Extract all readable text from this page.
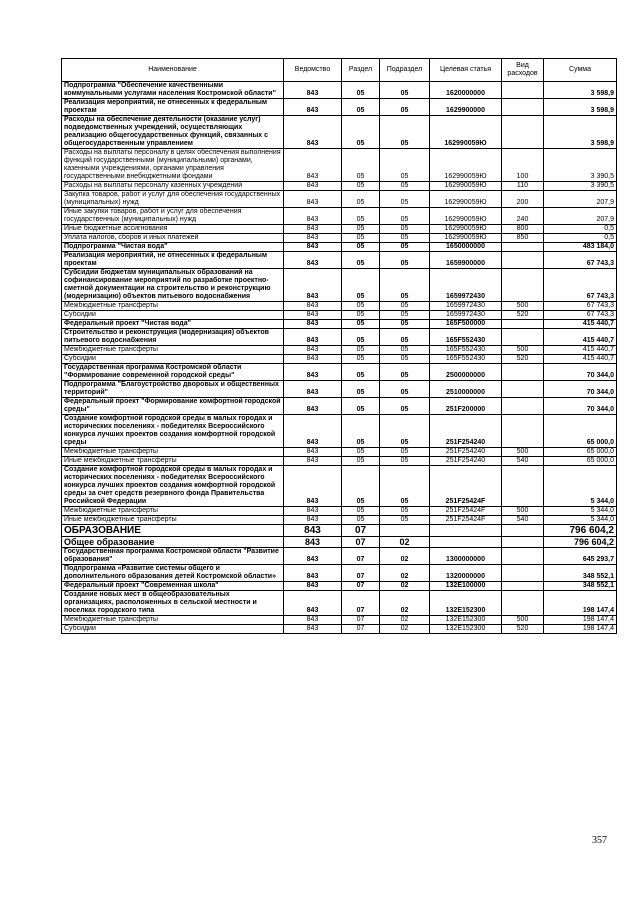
Наименование	Ведомство	Раздел	Подраздел	Целевая статья	Вид расходов	Сумма
Подпрограмма "Обеспечение качественными коммунальными услугами населения Костромской области"	843	05	05	1620000000		3 598,9
Реализация мероприятий, не отнесенных к федеральным проектам	843	05	05	1629900000		3 598,9
Расходы на обеспечение деятельности (оказание услуг) подведомственных учреждений, осуществляющих реализацию общегосударственных функций, связанных с общегосударственным управлением	843	05	05	162990059Ю		3 598,9
Расходы на выплаты персоналу в целях обеспечения выполнения функций государственными (муниципальными) органами, казенными учреждениями, органами управления государственными внебюджетными фондами	843	05	05	162990059Ю	100	3 390,5
Расходы на выплаты персоналу казенных учреждений	843	05	05	162990059Ю	110	3 390,5
Закупка товаров, работ и услуг для обеспечения государственных (муниципальных) нужд	843	05	05	162990059Ю	200	207,9
Иные закупки товаров, работ и услуг для обеспечения государственных (муниципальных) нужд	843	05	05	162990059Ю	240	207,9
Иные бюджетные ассигнования	843	05	05	162990059Ю	800	0,5
Уплата налогов, сборов и иных платежей	843	05	05	162990059Ю	850	0,5
Подпрограмма "Чистая вода"	843	05	05	1650000000		483 184,0
Реализация мероприятий, не отнесенных к федеральным проектам	843	05	05	1659900000		67 743,3
Субсидии бюджетам муниципальных образований на софинансирование мероприятий по разработке проектно-сметной документации на строительство и реконструкцию (модернизацию) объектов питьевого водоснабжения	843	05	05	1659972430		67 743,3
Межбюджетные трансферты	843	05	05	1659972430	500	67 743,3
Субсидии	843	05	05	1659972430	520	67 743,3
Федеральный проект "Чистая вода"	843	05	05	165F500000		415 440,7
Строительство и реконструкция (модернизация) объектов питьевого водоснабжения	843	05	05	165F552430		415 440,7
Межбюджетные трансферты	843	05	05	165F552430	500	415 440,7
Субсидии	843	05	05	165F552430	520	415 440,7
Государственная программа Костромской области "Формирование современной городской среды"	843	05	05	2500000000		70 344,0
Подпрограмма "Благоустройство дворовых и общественных территорий"	843	05	05	2510000000		70 344,0
Федеральный проект "Формирование комфортной городской среды"	843	05	05	251F200000		70 344,0
Создание комфортной городской среды в малых городах и исторических поселениях - победителях Всероссийского конкурса лучших проектов создания комфортной городской среды	843	05	05	251F254240		65 000,0
Межбюджетные трансферты	843	05	05	251F254240	500	65 000,0
Иные межбюджетные трансферты	843	05	05	251F254240	540	65 000,0
Создание комфортной городской среды в малых городах и исторических поселениях - победителях Всероссийского конкурса лучших проектов создания комфортной городской среды за счет средств резервного фонда Правительства Российской Федерации	843	05	05	251F25424F		5 344,0
Межбюджетные трансферты	843	05	05	251F25424F	500	5 344,0
Иные межбюджетные трансферты	843	05	05	251F25424F	540	5 344,0
ОБРАЗОВАНИЕ	843	07				796 604,2
Общее образование	843	07	02			796 604,2
Государственная программа Костромской области "Развитие образования"	843	07	02	1300000000		645 293,7
Подпрограмма «Развитие системы общего и дополнительного образования детей Костромской области»	843	07	02	1320000000		348 552,1
Федеральный проект "Современная школа"	843	07	02	132E100000		348 552,1
Создание новых мест в общеобразовательных организациях, расположенных в сельской местности и поселках городского типа	843	07	02	132E152300		198 147,4
Межбюджетные трансферты	843	07	02	132E152300	500	198 147,4
Субсидии	843	07	02	132E152300	520	198 147,4
357
